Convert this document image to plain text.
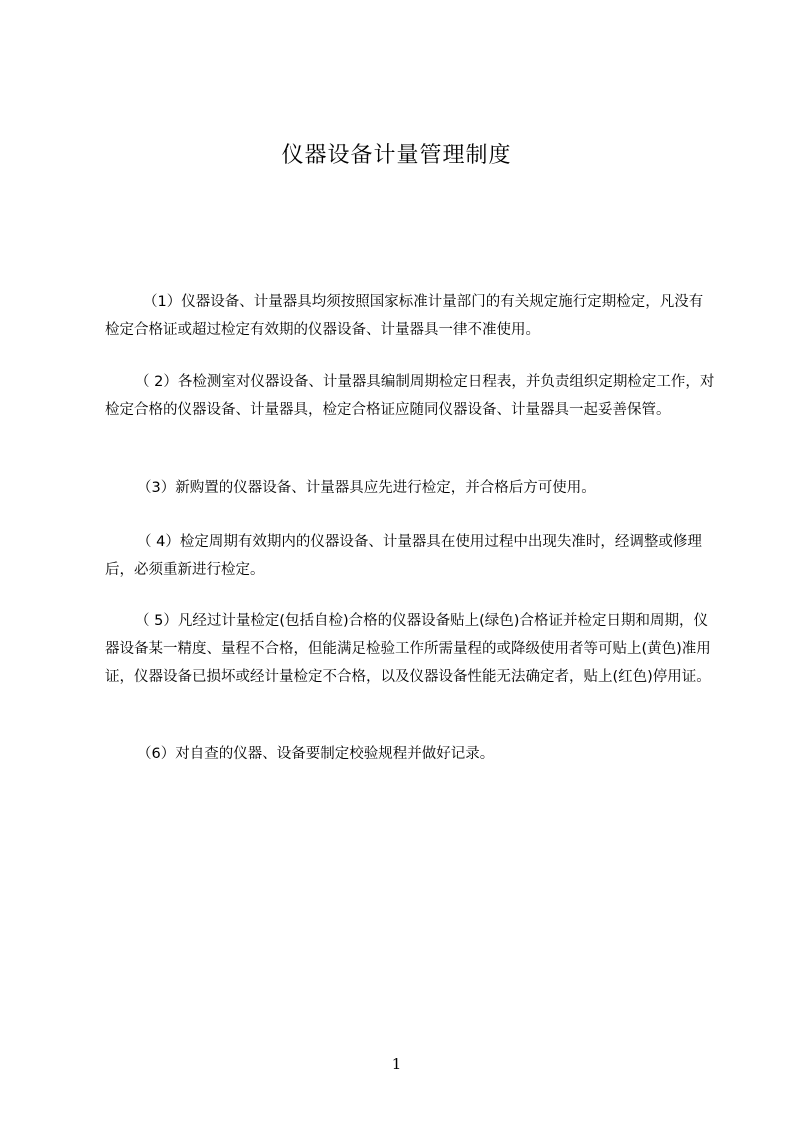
仪器设备计量管理制度
（1）仪器设备、计量器具均须按照国家标准计量部门的有关规定施行定期检定，凡没有检定合格证或超过检定有效期的仪器设备、计量器具一律不准使用。
（ 2）各检测室对仪器设备、计量器具编制周期检定日程表，并负责组织定期检定工作，对检定合格的仪器设备、计量器具，检定合格证应随同仪器设备、计量器具一起妥善保管。
（3）新购置的仪器设备、计量器具应先进行检定，并合格后方可使用。
（ 4）检定周期有效期内的仪器设备、计量器具在使用过程中出现失准时，经调整或修理后，必须重新进行检定。
（ 5）凡经过计量检定(包括自检)合格的仪器设备贴上(绿色)合格证并检定日期和周期，仪器设备某一精度、量程不合格，但能满足检验工作所需量程的或降级使用者等可贴上(黄色)准用证，仪器设备已损坏或经计量检定不合格，以及仪器设备性能无法确定者，贴上(红色)停用证。
（6）对自查的仪器、设备要制定校验规程并做好记录。
1
